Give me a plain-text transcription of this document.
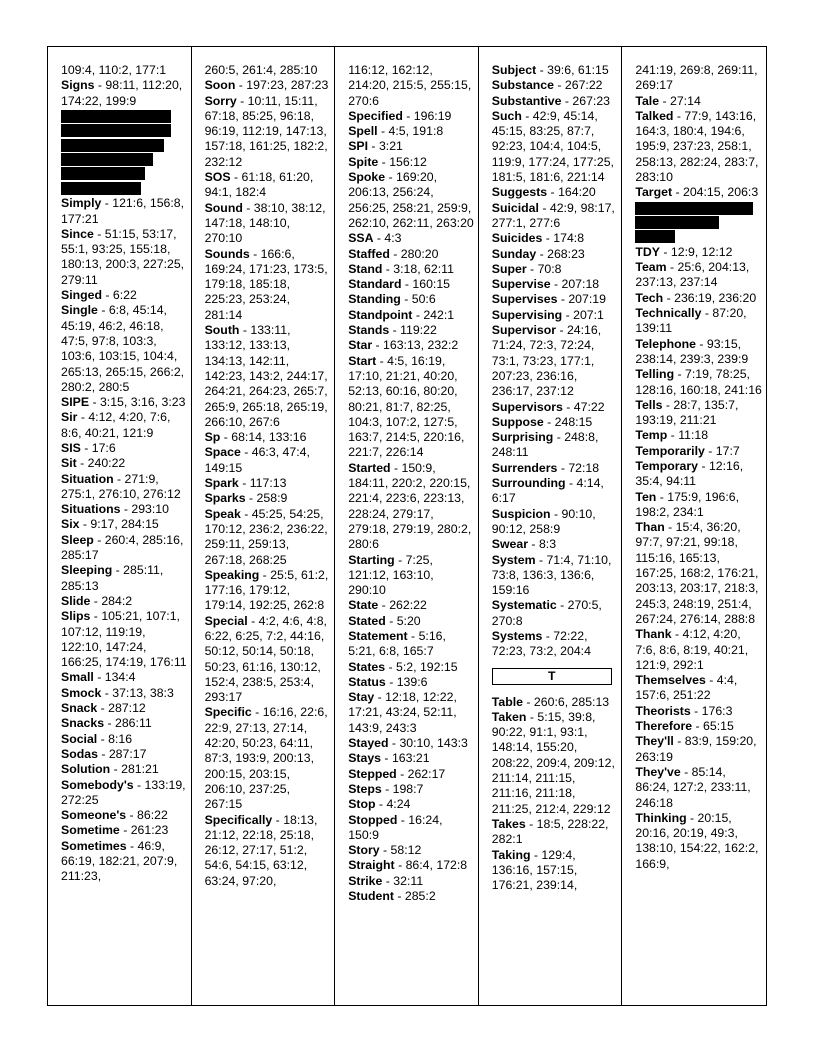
109:4, 110:2, 177:1
Signs - 98:11, 112:20, 174:22, 199:9
Simply - 121:6, 156:8, 177:21
Since - 51:15, 53:17, 55:1, 93:25, 155:18, 180:13, 200:3, 227:25, 279:11
Singed - 6:22
Single - 6:8, 45:14, 45:19, 46:2, 46:18, 47:5, 97:8, 103:3, 103:6, 103:15, 104:4, 265:13, 265:15, 266:2, 280:2, 280:5
SIPE - 3:15, 3:16, 3:23
Sir - 4:12, 4:20, 7:6, 8:6, 40:21, 121:9
SIS - 17:6
Sit - 240:22
Situation - 271:9, 275:1, 276:10, 276:12
Situations - 293:10
Six - 9:17, 284:15
Sleep - 260:4, 285:16, 285:17
Sleeping - 285:11, 285:13
Slide - 284:2
Slips - 105:21, 107:1, 107:12, 119:19, 122:10, 147:24, 166:25, 174:19, 176:11
Small - 134:4
Smock - 37:13, 38:3
Snack - 287:12
Snacks - 286:11
Social - 8:16
Sodas - 287:17
Solution - 281:21
Somebody's - 133:19, 272:25
Someone's - 86:22
Sometime - 261:23
Sometimes - 46:9, 66:19, 182:21, 207:9, 211:23,
260:5, 261:4, 285:10
Soon - 197:23, 287:23
Sorry - 10:11, 15:11, 67:18, 85:25, 96:18, 96:19, 112:19, 147:13, 157:18, 161:25, 182:2, 232:12
SOS - 61:18, 61:20, 94:1, 182:4
Sound - 38:10, 38:12, 147:18, 148:10, 270:10
Sounds - 166:6, 169:24, 171:23, 173:5, 179:18, 185:18, 225:23, 253:24, 281:14
South - 133:11, 133:12, 133:13, 134:13, 142:11, 142:23, 143:2, 244:17, 264:21, 264:23, 265:7, 265:9, 265:18, 265:19, 266:10, 267:6
Sp - 68:14, 133:16
Space - 46:3, 47:4, 149:15
Spark - 117:13
Sparks - 258:9
Speak - 45:25, 54:25, 170:12, 236:2, 236:22, 259:11, 259:13, 267:18, 268:25
Speaking - 25:5, 61:2, 177:16, 179:12, 179:14, 192:25, 262:8
Special - 4:2, 4:6, 4:8, 6:22, 6:25, 7:2, 44:16, 50:12, 50:14, 50:18, 50:23, 61:16, 130:12, 152:4, 238:5, 253:4, 293:17
Specific - 16:16, 22:6, 22:9, 27:13, 27:14, 42:20, 50:23, 64:11, 87:3, 193:9, 200:13, 200:15, 203:15, 206:10, 237:25, 267:15
Specifically - 18:13, 21:12, 22:18, 25:18, 26:12, 27:17, 51:2, 54:6, 54:15, 63:12, 63:24, 97:20,
116:12, 162:12, 214:20, 215:5, 255:15, 270:6
Specified - 196:19
Spell - 4:5, 191:8
SPI - 3:21
Spite - 156:12
Spoke - 169:20, 206:13, 256:24, 256:25, 258:21, 259:9, 262:10, 262:11, 263:20
SSA - 4:3
Staffed - 280:20
Stand - 3:18, 62:11
Standard - 160:15
Standing - 50:6
Standpoint - 242:1
Stands - 119:22
Star - 163:13, 232:2
Start - 4:5, 16:19, 17:10, 21:21, 40:20, 52:13, 60:16, 80:20, 80:21, 81:7, 82:25, 104:3, 107:2, 127:5, 163:7, 214:5, 220:16, 221:7, 226:14
Started - 150:9, 184:11, 220:2, 220:15, 221:4, 223:6, 223:13, 228:24, 279:17, 279:18, 279:19, 280:2, 280:6
Starting - 7:25, 121:12, 163:10, 290:10
State - 262:22
Stated - 5:20
Statement - 5:16, 5:21, 6:8, 165:7
States - 5:2, 192:15
Status - 139:6
Stay - 12:18, 12:22, 17:21, 43:24, 52:11, 143:9, 243:3
Stayed - 30:10, 143:3
Stays - 163:21
Stepped - 262:17
Steps - 198:7
Stop - 4:24
Stopped - 16:24, 150:9
Story - 58:12
Straight - 86:4, 172:8
Strike - 32:11
Student - 285:2
Subject - 39:6, 61:15
Substance - 267:22
Substantive - 267:23
Such - 42:9, 45:14, 45:15, 83:25, 87:7, 92:23, 104:4, 104:5, 119:9, 177:24, 177:25, 181:5, 181:6, 221:14
Suggests - 164:20
Suicidal - 42:9, 98:17, 277:1, 277:6
Suicides - 174:8
Sunday - 268:23
Super - 70:8
Supervise - 207:18
Supervises - 207:19
Supervising - 207:1
Supervisor - 24:16, 71:24, 72:3, 72:24, 73:1, 73:23, 177:1, 207:23, 236:16, 236:17, 237:12
Supervisors - 47:22
Suppose - 248:15
Surprising - 248:8, 248:11
Surrenders - 72:18
Surrounding - 4:14, 6:17
Suspicion - 90:10, 90:12, 258:9
Swear - 8:3
System - 71:4, 71:10, 73:8, 136:3, 136:6, 159:16
Systematic - 270:5, 270:8
Systems - 72:22, 72:23, 73:2, 204:4
T
Table - 260:6, 285:13
Taken - 5:15, 39:8, 90:22, 91:1, 93:1, 148:14, 155:20, 208:22, 209:4, 209:12, 211:14, 211:15, 211:16, 211:18, 211:25, 212:4, 229:12
Takes - 18:5, 228:22, 282:1
Taking - 129:4, 136:16, 157:15, 176:21, 239:14,
241:19, 269:8, 269:11, 269:17
Tale - 27:14
Talked - 77:9, 143:16, 164:3, 180:4, 194:6, 195:9, 237:23, 258:1, 258:13, 282:24, 283:7, 283:10
Target - 204:15, 206:3
TDY - 12:9, 12:12
Team - 25:6, 204:13, 237:13, 237:14
Tech - 236:19, 236:20
Technically - 87:20, 139:11
Telephone - 93:15, 238:14, 239:3, 239:9
Telling - 7:19, 78:25, 128:16, 160:18, 241:16
Tells - 28:7, 135:7, 193:19, 211:21
Temp - 11:18
Temporarily - 17:7
Temporary - 12:16, 35:4, 94:11
Ten - 175:9, 196:6, 198:2, 234:1
Than - 15:4, 36:20, 97:7, 97:21, 99:18, 115:16, 165:13, 167:25, 168:2, 176:21, 203:13, 203:17, 218:3, 245:3, 248:19, 251:4, 267:24, 276:14, 288:8
Thank - 4:12, 4:20, 7:6, 8:6, 8:19, 40:21, 121:9, 292:1
Themselves - 4:4, 157:6, 251:22
Theorists - 176:3
Therefore - 65:15
They'll - 83:9, 159:20, 263:19
They've - 85:14, 86:24, 127:2, 233:11, 246:18
Thinking - 20:15, 20:16, 20:19, 49:3, 138:10, 154:22, 162:2, 166:9,
